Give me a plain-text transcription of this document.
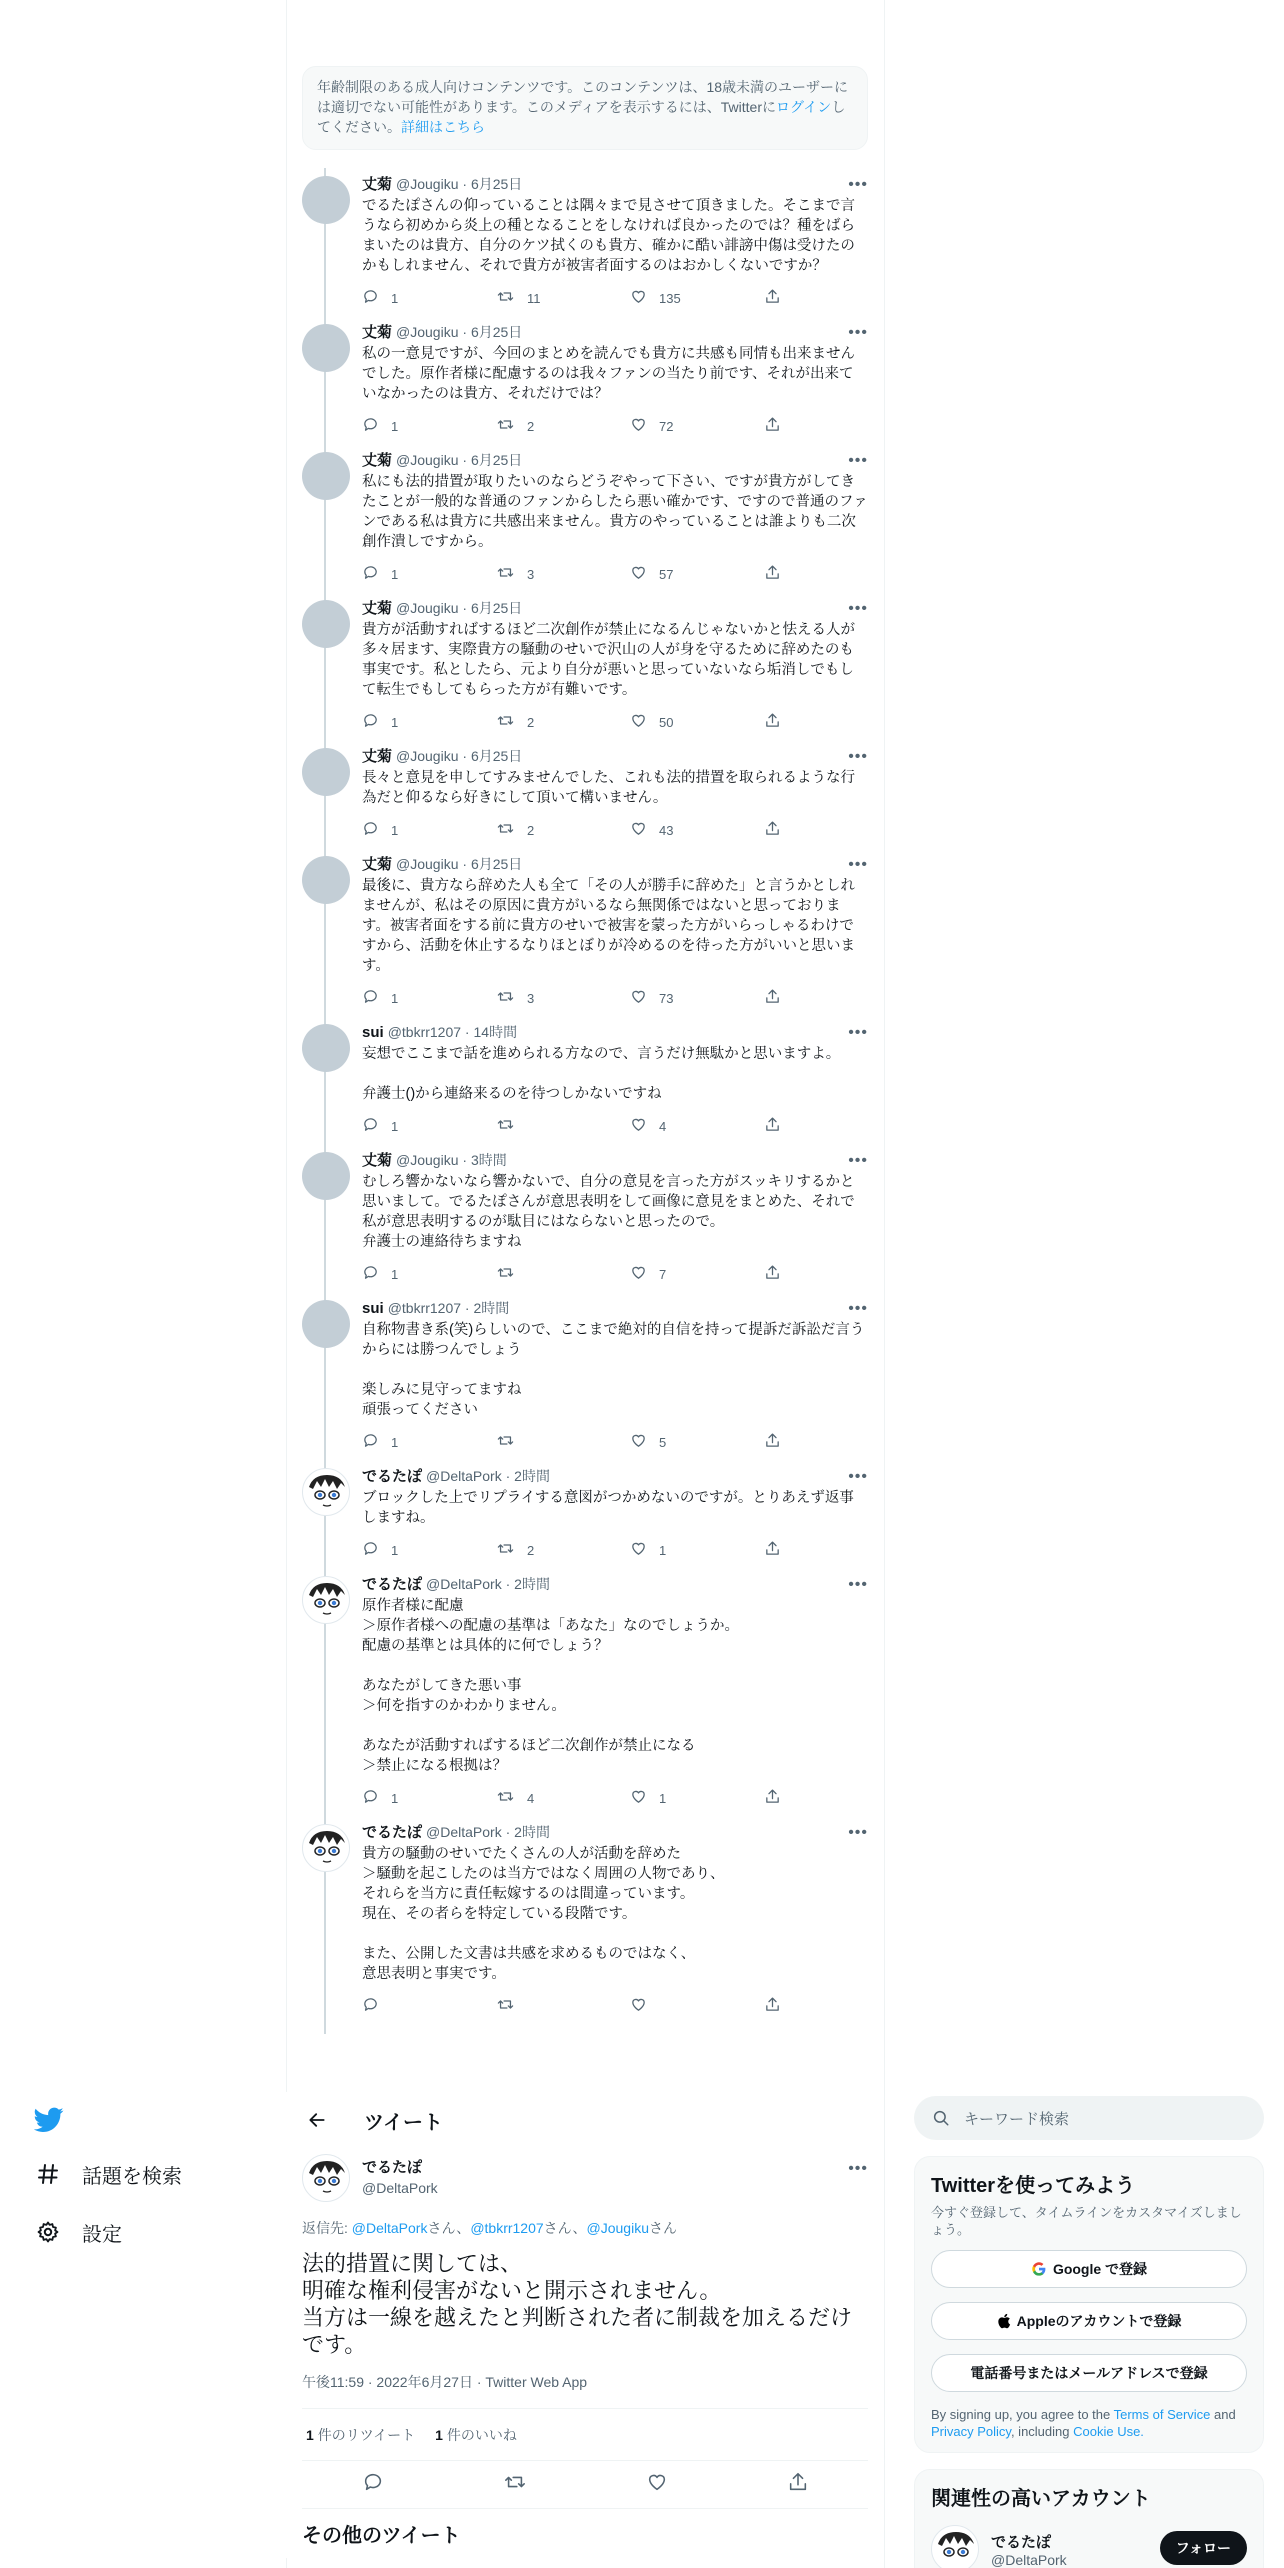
話題を検索
設定
年齢制限のある成人向けコンテンツです。このコンテンツは、18歳未満のユーザーには適切でない可能性があります。このメディアを表示するには、Twitterにログインしてください。詳細はこちら
丈菊 @Jougiku · 6月25日	•••
でるたぽさんの仰っていることは隅々まで見させて頂きました。そこまで言うなら初めから炎上の種となることをしなければ良かったのでは？種をばらまいたのは貴方、自分のケツ拭くのも貴方、確かに酷い誹謗中傷は受けたのかもしれません、それで貴方が被害者面するのはおかしくないですか？
1	11	135
丈菊 @Jougiku · 6月25日	•••
私の一意見ですが、今回のまとめを読んでも貴方に共感も同情も出来ませんでした。原作者様に配慮するのは我々ファンの当たり前です、それが出来ていなかったのは貴方、それだけでは？
1	2	72
丈菊 @Jougiku · 6月25日	•••
私にも法的措置が取りたいのならどうぞやって下さい、ですが貴方がしてきたことが一般的な普通のファンからしたら悪い確かです、ですので普通のファンである私は貴方に共感出来ません。貴方のやっていることは誰よりも二次創作潰しですから。
1	3	57
丈菊 @Jougiku · 6月25日	•••
貴方が活動すればするほど二次創作が禁止になるんじゃないかと怯える人が多々居ます、実際貴方の騒動のせいで沢山の人が身を守るために辞めたのも事実です。私としたら、元より自分が悪いと思っていないなら垢消しでもして転生でもしてもらった方が有難いです。
1	2	50
丈菊 @Jougiku · 6月25日	•••
長々と意見を申してすみませんでした、これも法的措置を取られるような行為だと仰るなら好きにして頂いて構いません。
1	2	43
丈菊 @Jougiku · 6月25日	•••
最後に、貴方なら辞めた人も全て「その人が勝手に辞めた」と言うかとしれませんが、私はその原因に貴方がいるなら無関係ではないと思っております。被害者面をする前に貴方のせいで被害を蒙った方がいらっしゃるわけですから、活動を休止するなりほとぼりが冷めるのを待った方がいいと思います。
1	3	73
sui @tbkrr1207 · 14時間	•••
妄想でここまで話を進められる方なので、言うだけ無駄かと思いますよ。

弁護士()から連絡来るのを待つしかないですね
1	4
丈菊 @Jougiku · 3時間	•••
むしろ響かないなら響かないで、自分の意見を言った方がスッキリするかと思いまして。でるたぽさんが意思表明をして画像に意見をまとめた、それで私が意思表明するのが駄目にはならないと思ったので。
弁護士の連絡待ちますね
1	7
sui @tbkrr1207 · 2時間	•••
自称物書き系(笑)らしいので、ここまで絶対的自信を持って提訴だ訴訟だ言うからには勝つんでしょう

楽しみに見守ってますね
頑張ってください
1	5
でるたぽ @DeltaPork · 2時間	•••
ブロックした上でリプライする意図がつかめないのですが。とりあえず返事しますね。
1	2	1
でるたぽ @DeltaPork · 2時間	•••
原作者様に配慮
＞原作者様への配慮の基準は「あなた」なのでしょうか。
配慮の基準とは具体的に何でしょう？

あなたがしてきた悪い事
＞何を指すのかわかりません。

あなたが活動すればするほど二次創作が禁止になる
＞禁止になる根拠は？
1	4	1
でるたぽ @DeltaPork · 2時間	•••
貴方の騒動のせいでたくさんの人が活動を辞めた
＞騒動を起こしたのは当方ではなく周囲の人物であり、
それらを当方に責任転嫁するのは間違っています。
現在、その者らを特定している段階です。

また、公開した文書は共感を求めるものではなく、
意思表明と事実です。
ツイート
でるたぽ
@DeltaPork
•••
返信先: @DeltaPorkさん、@tbkrr1207さん、@Jougikuさん
法的措置に関しては、
明確な権利侵害がないと開示されません。
当方は一線を越えたと判断された者に制裁を加えるだけです。
午後11:59 · 2022年6月27日 · Twitter Web App
1 件のリツイート 1 件のいいね
その他のツイート
キーワード検索
Twitterを使ってみよう
今すぐ登録して、タイムラインをカスタマイズしましょう。
Google で登録
Appleのアカウントで登録
電話番号またはメールアドレスで登録
By signing up, you agree to the Terms of Service and Privacy Policy, including Cookie Use.
関連性の高いアカウント
でるたぽ
@DeltaPork
フォロー
